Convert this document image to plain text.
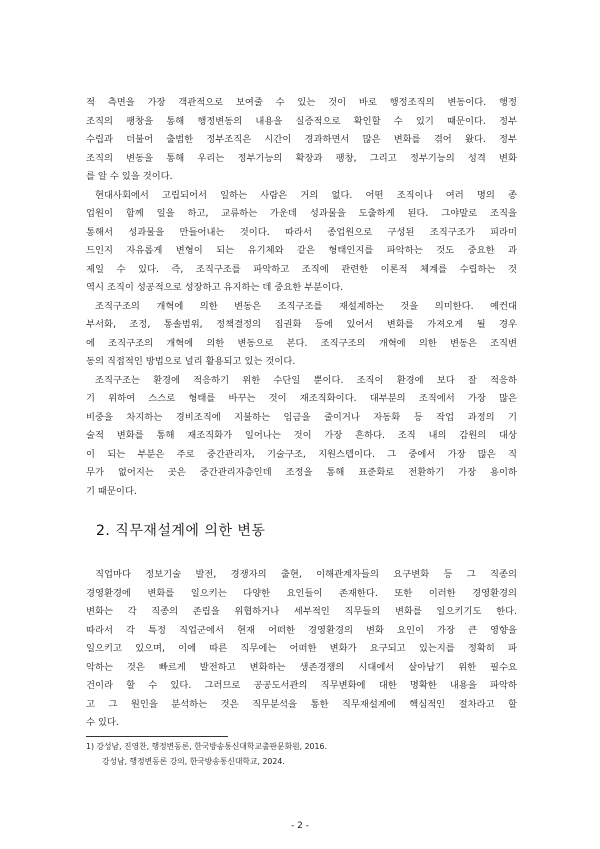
적 측면을 가장 객관적으로 보여줄 수 있는 것이 바로 행정조직의 변동이다. 행정
조직의 팽창을 통해 행정변동의 내용을 실증적으로 확인할 수 있기 때문이다. 정부
수립과 더불어 출범한 정부조직은 시간이 경과하면서 많은 변화를 겪어 왔다. 정부
조직의 변동을 통해 우리는 정부기능의 확장과 팽창, 그리고 정부기능의 성격 변화
를 알 수 있을 것이다.
현대사회에서 고립되어서 일하는 사람은 거의 없다. 어떤 조직이나 여러 명의 종
업원이 함께 일을 하고, 교류하는 가운데 성과물을 도출하게 된다. 그야말로 조직을
통해서 성과물을 만들어내는 것이다. 따라서 종업원으로 구성된 조직구조가 피라미
드인지 자유롭게 변형이 되는 유기체와 같은 형태인지를 파악하는 것도 중요한 과
제일 수 있다. 즉, 조직구조를 파악하고 조직에 관련한 이론적 체계를 수립하는 것
역시 조직이 성공적으로 성장하고 유지하는 데 중요한 부분이다.
조직구조의 개혁에 의한 변동은 조직구조를 재설계하는 것을 의미한다. 예컨대
부서화, 조정, 통솔범위, 정책결정의 집권화 등에 있어서 변화를 가져오게 될 경우
에 조직구조의 개혁에 의한 변동으로 본다. 조직구조의 개혁에 의한 변동은 조직변
동의 직접적인 방법으로 널리 활용되고 있는 것이다.
조직구조는 환경에 적응하기 위한 수단일 뿐이다. 조직이 환경에 보다 잘 적응하
기 위하여 스스로 형태를 바꾸는 것이 재조직화이다. 대부분의 조직에서 가장 많은
비중을 차지하는 경비조직에 지불하는 임금을 줄이거나 자동화 등 작업 과정의 기
술적 변화를 통해 재조직화가 일어나는 것이 가장 흔하다. 조직 내의 감원의 대상
이 되는 부분은 주로 중간관리자, 기술구조, 지원스텝이다. 그 중에서 가장 많은 직
무가 없어지는 곳은 중간관리자층인데 조정을 통해 표준화로 전환하기 가장 용이하
기 때문이다.
2. 직무재설계에 의한 변동
직업마다 정보기술 발전, 경쟁자의 출현, 이해관계자들의 요구변화 등 그 직종의
경영환경에 변화를 일으키는 다양한 요인들이 존재한다. 또한 이러한 경영환경의
변화는 각 직종의 존립을 위협하거나 세부적인 직무들의 변화를 일으키기도 한다.
따라서 각 특정 직업군에서 현재 어떠한 경영환경의 변화 요인이 가장 큰 영향을
일으키고 있으며, 이에 따른 직무에는 어떠한 변화가 요구되고 있는지를 정확히 파
악하는 것은 빠르게 발전하고 변화하는 생존경쟁의 시대에서 살아남기 위한 필수요
건이라 할 수 있다. 그러므로 공공도서관의 직무변화에 대한 명확한 내용을 파악하
고 그 원인을 분석하는 것은 직무분석을 통한 직무재설계에 핵심적인 절차라고 할
수 있다.
1) 강성남, 진영찬, 행정변동론, 한국방송통신대학교출판문화원, 2016.
강성남, 행정변동론 강의, 한국방송통신대학교, 2024.
- 2 -
